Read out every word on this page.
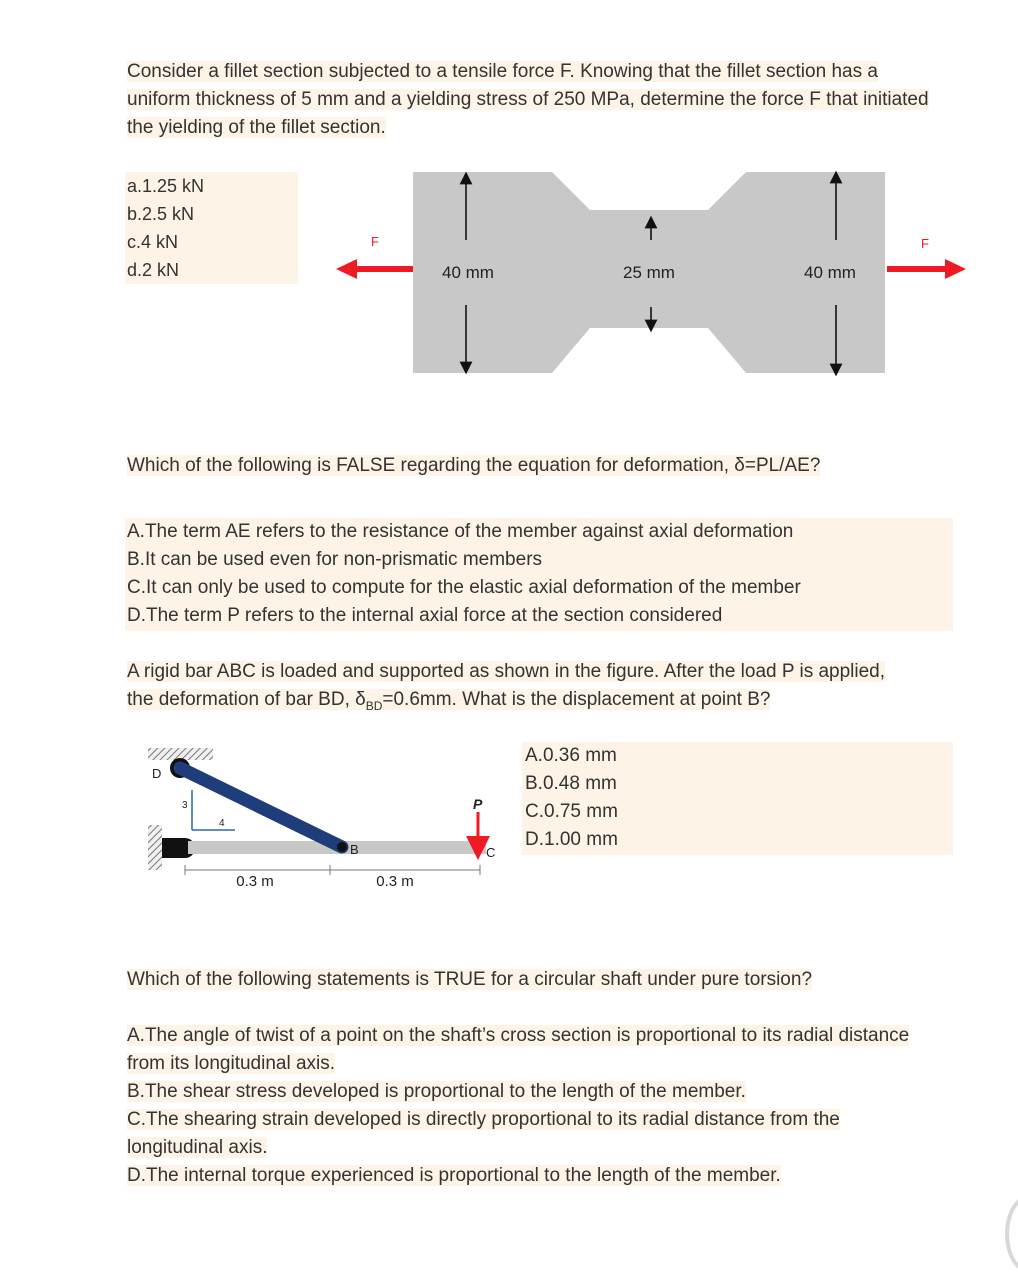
Consider a fillet section subjected to a tensile force F. Knowing that the fillet section has a uniform thickness of 5 mm and a yielding stress of 250 MPa, determine the force F that initiated the yielding of the fillet section.

a.1.25 kN
b.2.5 kN
c.4 kN
d.2 kN	40 mm	25 mm	40 mm
F	F

Which of the following is FALSE regarding the equation for deformation, δ=PL/AE?

A.The term AE refers to the resistance of the member against axial deformation
B.It can be used even for non-prismatic members
C.It can only be used to compute for the elastic axial deformation of the member
D.The term P refers to the internal axial force at the section considered

A rigid bar ABC is loaded and supported as shown in the figure. After the load P is applied,
the deformation of bar BD, $\delta_{BD}=0.6mm$. What is the displacement at point B?

D
3
4
B
P
C
0.3 m	0.3 m
A.0.36 mm
B.0.48 mm
C.0.75 mm
D.1.00 mm

Which of the following statements is TRUE for a circular shaft under pure torsion?

A.The angle of twist of a point on the shaft’s cross section is proportional to its radial distance from its longitudinal axis.

B.The shear stress developed is proportional to the length of the member.

C.The shearing strain developed is directly proportional to its radial distance from the longitudinal axis.

D.The internal torque experienced is proportional to the length of the member.
